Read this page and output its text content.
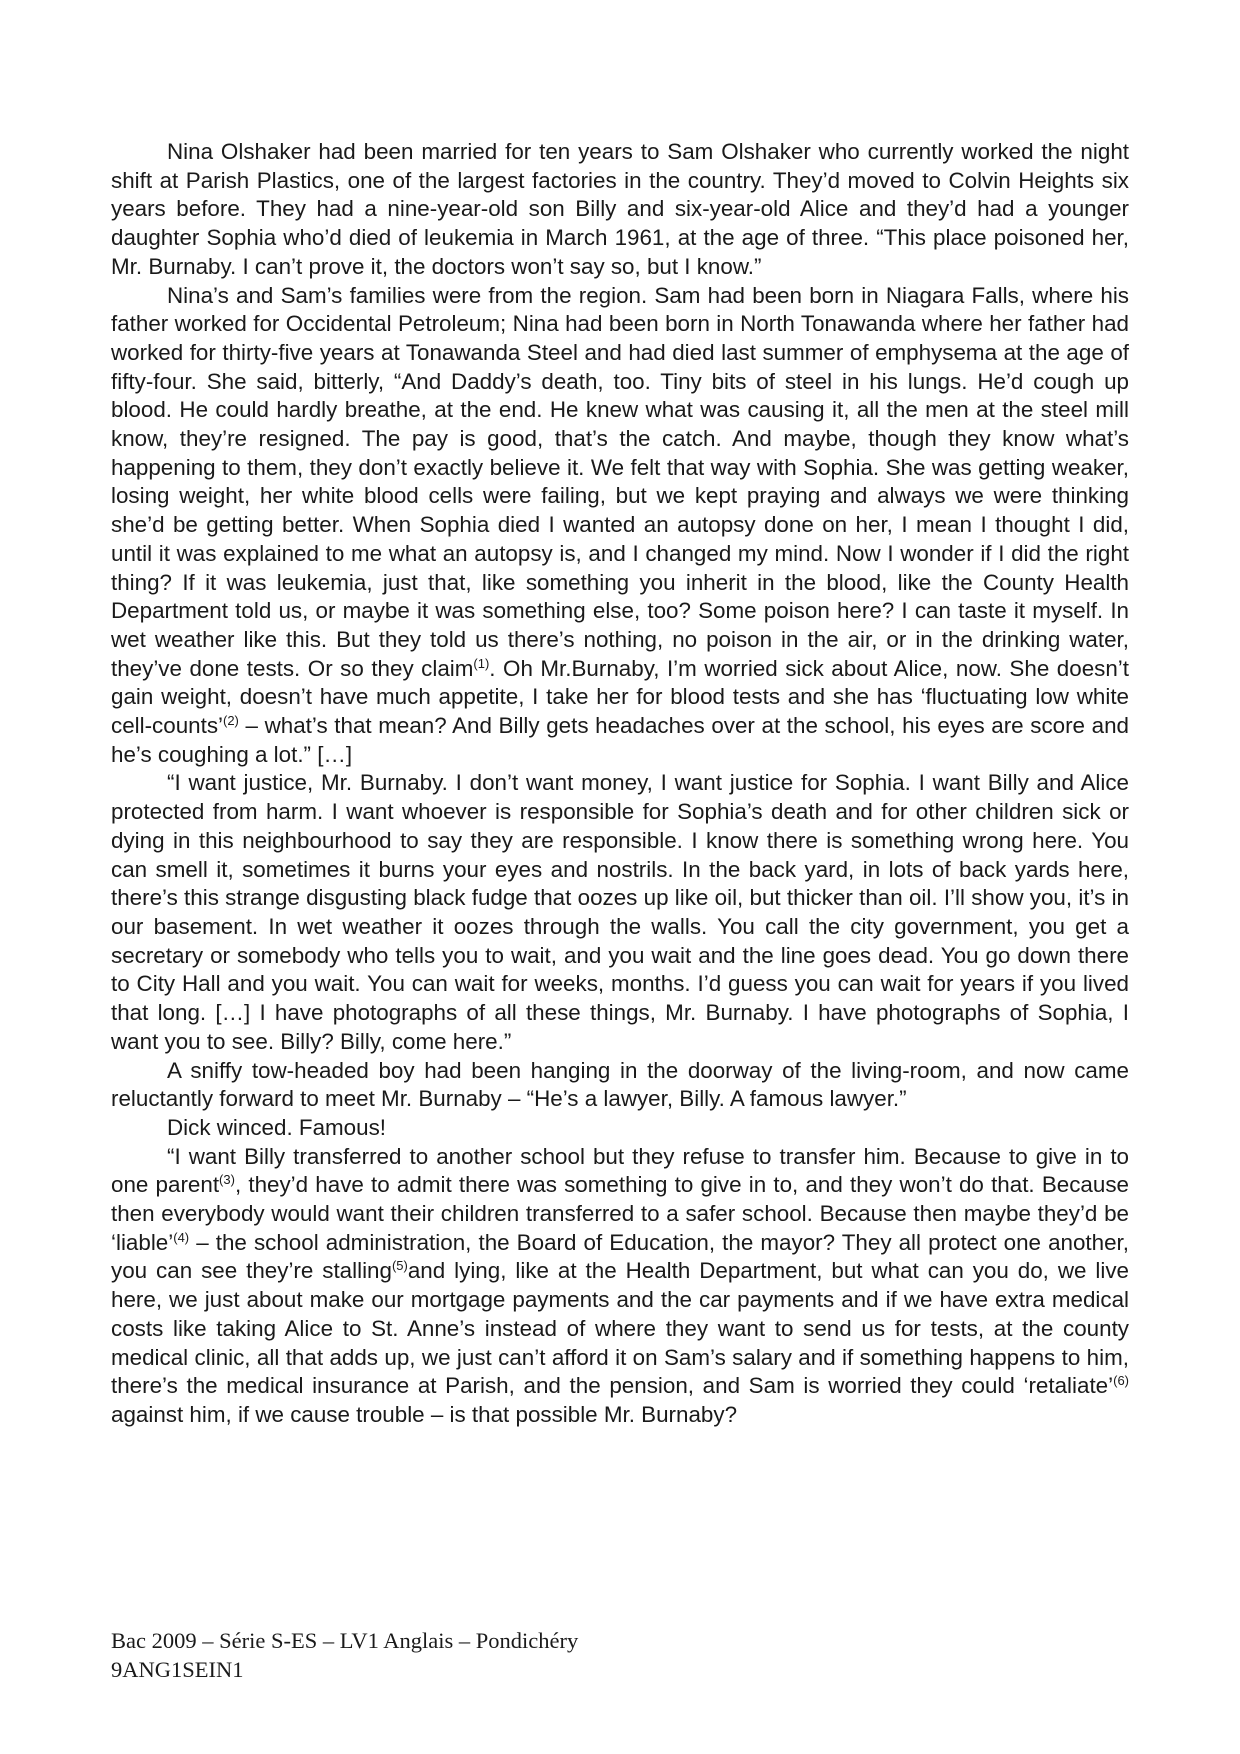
Nina Olshaker had been married for ten years to Sam Olshaker who currently worked the night shift at Parish Plastics, one of the largest factories in the country. They’d moved to Colvin Heights six years before. They had a nine-year-old son Billy and six-year-old Alice and they’d had a younger daughter Sophia who’d died of leukemia in March 1961, at the age of three. “This place poisoned her, Mr. Burnaby. I can’t prove it, the doctors won’t say so, but I know.”

Nina’s and Sam’s families were from the region. Sam had been born in Niagara Falls, where his father worked for Occidental Petroleum; Nina had been born in North Tonawanda where her father had worked for thirty-five years at Tonawanda Steel and had died last summer of emphysema at the age of fifty-four. She said, bitterly, “And Daddy’s death, too. Tiny bits of steel in his lungs. He’d cough up blood. He could hardly breathe, at the end. He knew what was causing it, all the men at the steel mill know, they’re resigned. The pay is good, that’s the catch. And maybe, though they know what’s happening to them, they don’t exactly believe it. We felt that way with Sophia. She was getting weaker, losing weight, her white blood cells were failing, but we kept praying and always we were thinking she’d be getting better. When Sophia died I wanted an autopsy done on her, I mean I thought I did, until it was explained to me what an autopsy is, and I changed my mind. Now I wonder if I did the right thing? If it was leukemia, just that, like something you inherit in the blood, like the County Health Department told us, or maybe it was something else, too? Some poison here? I can taste it myself. In wet weather like this. But they told us there’s nothing, no poison in the air, or in the drinking water, they’ve done tests. Or so they claim$^{(1)}$. Oh Mr.Burnaby, I’m worried sick about Alice, now. She doesn’t gain weight, doesn’t have much appetite, I take her for blood tests and she has ‘fluctuating low white cell-counts’$^{(2)}$ – what’s that mean? And Billy gets headaches over at the school, his eyes are score and he’s coughing a lot.” […]

“I want justice, Mr. Burnaby. I don’t want money, I want justice for Sophia. I want Billy and Alice protected from harm. I want whoever is responsible for Sophia’s death and for other children sick or dying in this neighbourhood to say they are responsible. I know there is something wrong here. You can smell it, sometimes it burns your eyes and nostrils. In the back yard, in lots of back yards here, there’s this strange disgusting black fudge that oozes up like oil, but thicker than oil. I’ll show you, it’s in our basement. In wet weather it oozes through the walls. You call the city government, you get a secretary or somebody who tells you to wait, and you wait and the line goes dead. You go down there to City Hall and you wait. You can wait for weeks, months. I’d guess you can wait for years if you lived that long. […] I have photographs of all these things, Mr. Burnaby. I have photographs of Sophia, I want you to see. Billy? Billy, come here.”

A sniffy tow-headed boy had been hanging in the doorway of the living-room, and now came reluctantly forward to meet Mr. Burnaby – “He’s a lawyer, Billy. A famous lawyer.”

Dick winced. Famous!

“I want Billy transferred to another school but they refuse to transfer him. Because to give in to one parent$^{(3)}$, they’d have to admit there was something to give in to, and they won’t do that. Because then everybody would want their children transferred to a safer school. Because then maybe they’d be ‘liable’$^{(4)}$ – the school administration, the Board of Education, the mayor? They all protect one another, you can see they’re stalling$^{(5)}$and lying, like at the Health Department, but what can you do, we live here, we just about make our mortgage payments and the car payments and if we have extra medical costs like taking Alice to St. Anne’s instead of where they want to send us for tests, at the county medical clinic, all that adds up, we just can’t afford it on Sam’s salary and if something happens to him, there’s the medical insurance at Parish, and the pension, and Sam is worried they could ‘retaliate’$^{(6)}$ against him, if we cause trouble – is that possible Mr. Burnaby?

Bac 2009 – Série S-ES – LV1 Anglais – Pondichéry
9ANG1SEIN1
